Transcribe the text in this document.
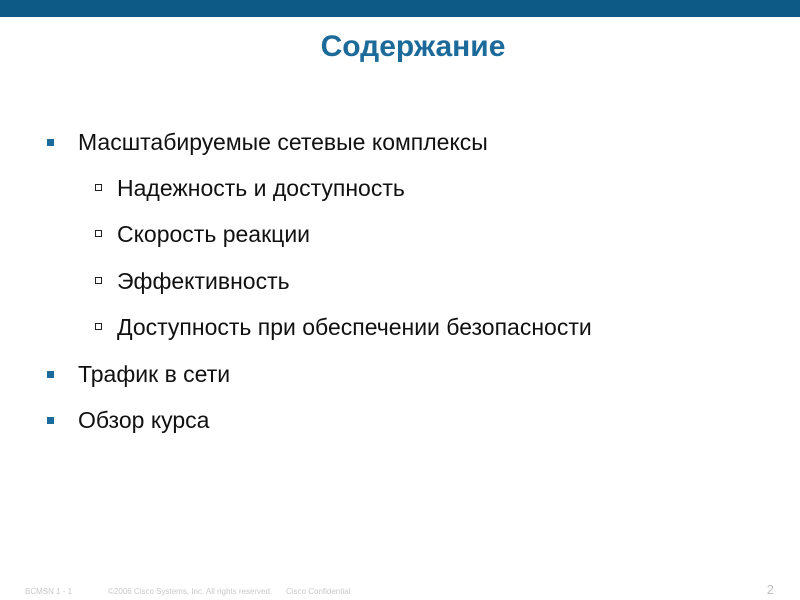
Содержание
Масштабируемые сетевые комплексы
Надежность и доступность
Скорость реакции
Эффективность
Доступность при обеспечении безопасности
Трафик в сети
Обзор курса
BCMSN 1 - 1	©2006 Cisco Systems, Inc. All rights reserved. Cisco Confidential	2
